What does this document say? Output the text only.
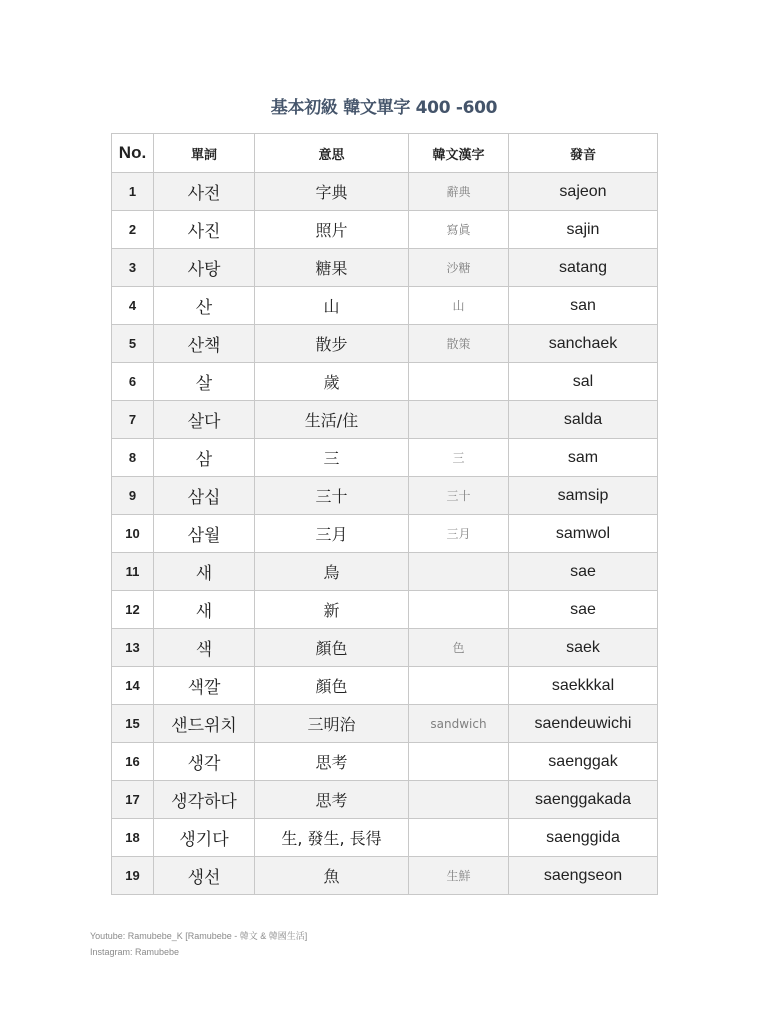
基本初級 韓文單字 400 -600
No.	單詞	意思	韓文漢字	發音
1	사전	字典	辭典	sajeon
2	사진	照片	寫眞	sajin
3	사탕	糖果	沙糖	satang
4	산	山	山	san
5	산책	散步	散策	sanchaek
6	살	歲		sal
7	살다	生活/住		salda
8	삼	三	三	sam
9	삼십	三十	三十	samsip
10	삼월	三月	三月	samwol
11	새	鳥		sae
12	새	新		sae
13	색	顏色	色	saek
14	색깔	顏色		saekkkal
15	샌드위치	三明治	sandwich	saendeuwichi
16	생각	思考		saenggak
17	생각하다	思考		saenggakada
18	생기다	生, 發生, 長得		saenggida
19	생선	魚	生鮮	saengseon
Youtube: Ramubebe_K [Ramubebe - 韓文 & 韓國生活]
Instagram: Ramubebe
